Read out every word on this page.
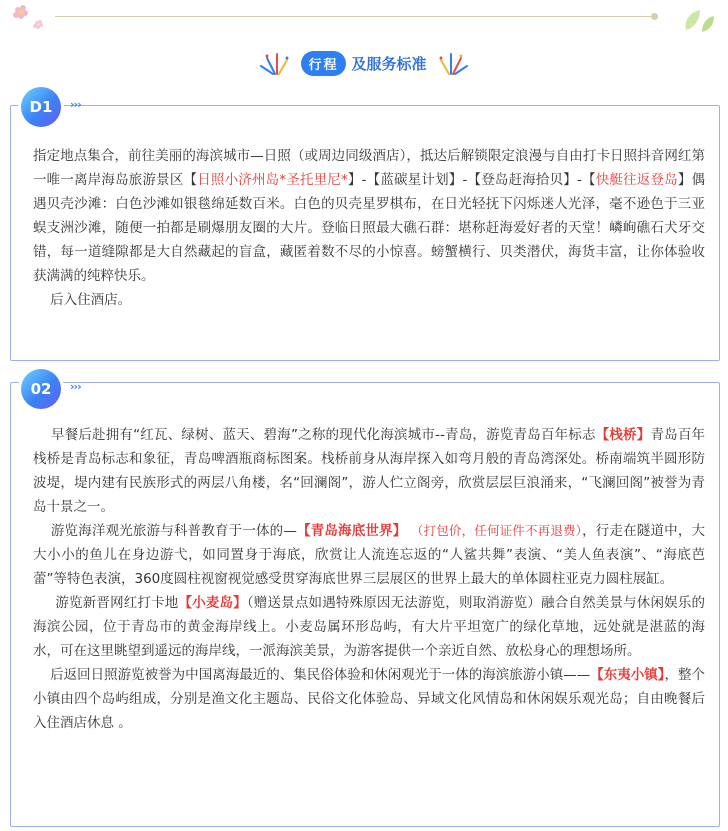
行程 及服务标准

指定地点集合，前往美丽的海滨城市—日照（或周边同级酒店），抵达后解锁限定浪漫与自由打卡日照抖音网红第一唯一离岸海岛旅游景区【日照小济州岛*圣托里尼*】-【蓝碳星计划】-【登岛赶海拾贝】-【快艇往返登岛】偶遇贝壳沙滩：白色沙滩如银毯绵延数百米。白色的贝壳星罗棋布，在日光轻抚下闪烁迷人光泽，毫不逊色于三亚蜈支洲沙滩，随便一拍都是刷爆朋友圈的大片。登临日照最大礁石群：堪称赶海爱好者的天堂！嶙峋礁石犬牙交错，每一道缝隙都是大自然藏起的盲盒，藏匿着数不尽的小惊喜。螃蟹横行、贝类潜伏，海货丰富，让你体验收获满满的纯粹快乐。

后入住酒店。

D1	›››

早餐后赴拥有“红瓦、绿树、蓝天、碧海”之称的现代化海滨城市--青岛，游览青岛百年标志【栈桥】青岛百年栈桥是青岛标志和象征，青岛啤酒瓶商标图案。栈桥前身从海岸探入如弯月般的青岛湾深处。桥南端筑半圆形防波堤，堤内建有民族形式的两层八角楼，名“回澜阁”，游人伫立阁旁，欣赏层层巨浪涌来，“飞澜回阁”被誉为青岛十景之一。

游览海洋观光旅游与科普教育于一体的—【青岛海底世界】 （打包价，任何证件不再退费），行走在隧道中，大大小小的鱼儿在身边游弋，如同置身于海底，欣赏让人流连忘返的“人鲨共舞”表演、“美人鱼表演”、“海底芭蕾”等特色表演，360度圆柱视窗视觉感受贯穿海底世界三层展区的世界上最大的单体圆柱亚克力圆柱展缸。

游览新晋网红打卡地【小麦岛】（赠送景点如遇特殊原因无法游览，则取消游览）融合自然美景与休闲娱乐的海滨公园，位于青岛市的黄金海岸线上。小麦岛属环形岛屿，有大片平坦宽广的绿化草地，远处就是湛蓝的海水，可在这里眺望到遥远的海岸线，一派海滨美景，为游客提供一个亲近自然、放松身心的理想场所。

后返回日照游览被誉为中国离海最近的、集民俗体验和休闲观光于一体的海滨旅游小镇——【东夷小镇】，整个小镇由四个岛屿组成，分别是渔文化主题岛、民俗文化体验岛、异域文化风情岛和休闲娱乐观光岛；自由晚餐后入住酒店休息 。

02	›››
